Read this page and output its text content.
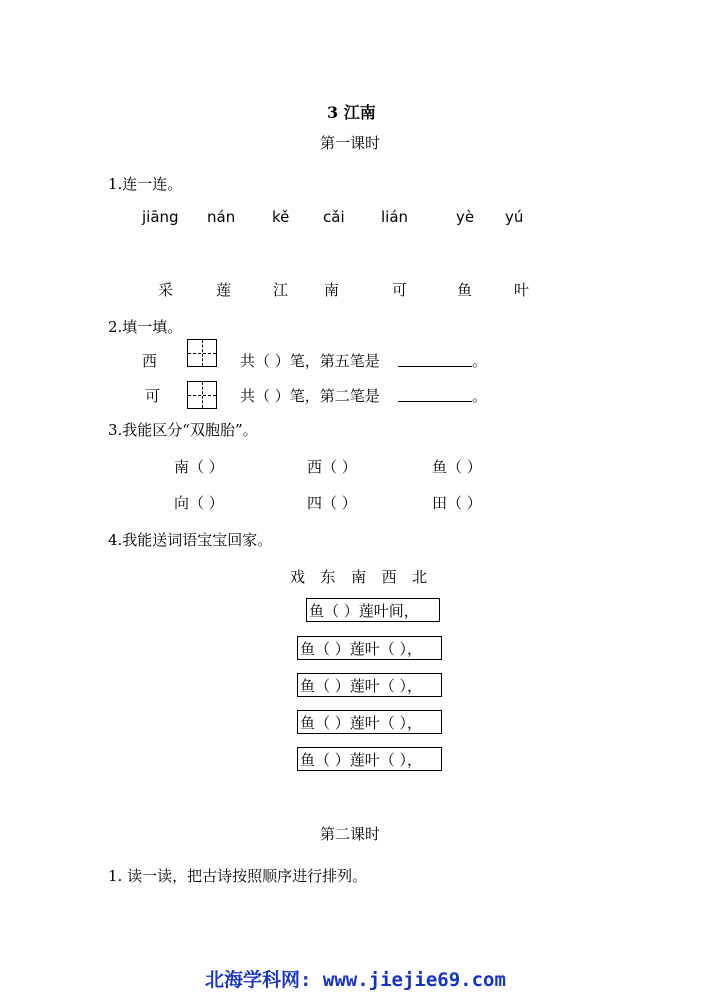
3 江南
第一课时
1.连一连。
jiāng nán kě cǎi lián	yè yú
采	莲	江 南	可	鱼	叶
2.填一填。
西	共（ ）笔，第五笔是	。
可	共（ ）笔，第二笔是	。
3.我能区分“双胞胎”。
南（ ）	西（ ）	鱼（ ）
向（ ）	四（ ）	田（ ）
4.我能送词语宝宝回家。
戏  东  南  西  北
鱼（ ）莲叶间，
鱼（ ）莲叶（ ），
鱼（ ）莲叶（ ），
鱼（ ）莲叶（ ），
鱼（ ）莲叶（ ），
第二课时
1. 读一读，把古诗按照顺序进行排列。
北海学科网: www.jiejie69.com
